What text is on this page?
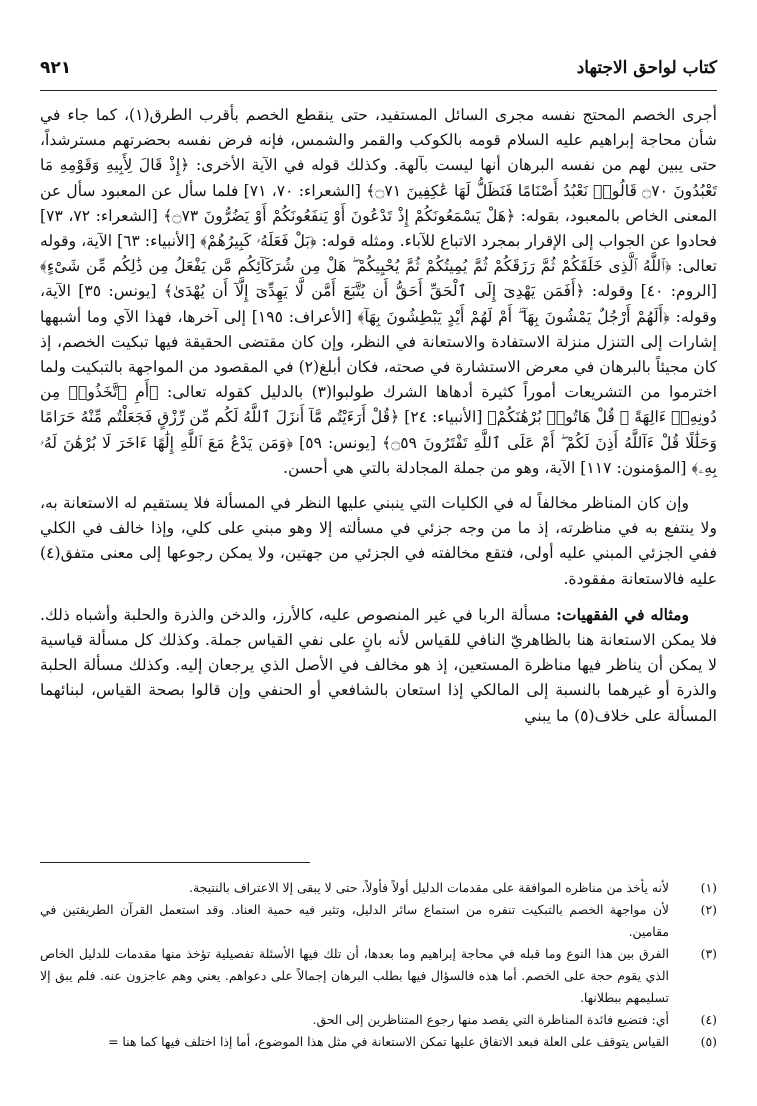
كتاب لواحق الاجتهاد
٩٢١

أجرى الخصم المحتج نفسه مجرى السائل المستفيد، حتى ينقطع الخصم بأقرب الطرق(١)، كما جاء في شأن محاجة إبراهيم عليه السلام قومه بالكوكب والقمر والشمس، فإنه فرض نفسه بحضرتهم مسترشداً، حتى يبين لهم من نفسه البرهان أنها ليست بآلهة. وكذلك قوله في الآية الأخرى: ﴿إِذْ قَالَ لِأَبِيهِ وَقَوْمِهِ مَا تَعْبُدُونَ ۝٧٠ قَالُوا۟ نَعْبُدُ أَصْنَامًا فَنَظَلُّ لَهَا عَٰكِفِينَ ۝٧١﴾ [الشعراء: ٧٠، ٧١] فلما سأل عن المعبود سأل عن المعنى الخاص بالمعبود، بقوله: ﴿هَلْ يَسْمَعُونَكُمْ إِذْ تَدْعُونَ أَوْ يَنفَعُونَكُمْ أَوْ يَضُرُّونَ ۝٧٣﴾ [الشعراء: ٧٢، ٧٣] فحادوا عن الجواب إلى الإقرار بمجرد الاتباع للآباء. ومثله قوله: ﴿بَلْ فَعَلَهُۥ كَبِيرُهُمْ﴾ [الأنبياء: ٦٣] الآية، وقوله تعالى: ﴿ٱللَّهُ ٱلَّذِى خَلَقَكُمْ ثُمَّ رَزَقَكُمْ ثُمَّ يُمِيتُكُمْ ثُمَّ يُحْيِيكُمْ ۖ هَلْ مِن شُرَكَآئِكُم مَّن يَفْعَلُ مِن ذَٰلِكُم مِّن شَىْءٍ﴾ [الروم: ٤٠] وقوله: ﴿أَفَمَن يَهْدِىٓ إِلَى ٱلْحَقِّ أَحَقُّ أَن يُتَّبَعَ أَمَّن لَّا يَهِدِّىٓ إِلَّآ أَن يُهْدَىٰ﴾ [يونس: ٣٥] الآية، وقوله: ﴿أَلَهُمْ أَرْجُلٌ يَمْشُونَ بِهَآ ۖ أَمْ لَهُمْ أَيْدٍ يَبْطِشُونَ بِهَآ﴾ [الأعراف: ١٩٥] إلى آخرها، فهذا الآي وما أشبهها إشارات إلى التنزل منزلة الاستفادة والاستعانة في النظر، وإن كان مقتضى الحقيقة فيها تبكيت الخصم، إذ كان مجيئاً بالبرهان في معرض الاستشارة في صحته، فكان أبلغ(٢) في المقصود من المواجهة بالتبكيت ولما اخترموا من التشريعات أموراً كثيرة أدهاها الشرك طولبوا(٣) بالدليل كقوله تعالى: ﴿أَمِ ٱتَّخَذُوا۟ مِن دُونِهِۦٓ ءَالِهَةً ۖ قُلْ هَاتُوا۟ بُرْهَٰنَكُمْ﴾ [الأنبياء: ٢٤] ﴿قُلْ أَرَءَيْتُم مَّآ أَنزَلَ ٱللَّهُ لَكُم مِّن رِّزْقٍ فَجَعَلْتُم مِّنْهُ حَرَامًا وَحَلَٰلًا قُلْ ءَآللَّهُ أَذِنَ لَكُمْ ۖ أَمْ عَلَى ٱللَّهِ تَفْتَرُونَ ۝٥٩﴾ [يونس: ٥٩] ﴿وَمَن يَدْعُ مَعَ ٱللَّهِ إِلَٰهًا ءَاخَرَ لَا بُرْهَٰنَ لَهُۥ بِهِۦ﴾ [المؤمنون: ١١٧] الآية، وهو من جملة المجادلة بالتي هي أحسن.

وإن كان المناظر مخالفاً له في الكليات التي ينبني عليها النظر في المسألة فلا يستقيم له الاستعانة به، ولا ينتفع به في مناظرته، إذ ما من وجه جزئي في مسألته إلا وهو مبني على كلي، وإذا خالف في الكلي ففي الجزئي المبني عليه أولى، فتقع مخالفته في الجزئي من جهتين، ولا يمكن رجوعها إلى معنى متفق(٤) عليه فالاستعانة مفقودة.

ومثاله في الفقهيات: مسألة الربا في غير المنصوص عليه، كالأرز، والدخن والذرة والحلبة وأشباه ذلك. فلا يمكن الاستعانة هنا بالظاهريّ النافي للقياس لأنه بانٍ على نفي القياس جملة. وكذلك كل مسألة قياسية لا يمكن أن يناظر فيها مناظرة المستعين، إذ هو مخالف في الأصل الذي يرجعان إليه. وكذلك مسألة الحلبة والذرة أو غيرهما بالنسبة إلى المالكي إذا استعان بالشافعي أو الحنفي وإن قالوا بصحة القياس، لبنائهما المسألة على خلاف(٥) ما يبني

(١)
لأنه يأخذ من مناظره الموافقة على مقدمات الدليل أولاً فأولاً، حتى لا يبقى إلا الاعتراف بالنتيجة.
(٢)
لأن مواجهة الخصم بالتبكيت تنفره من استماع سائر الدليل، وتثير فيه حمية العناد. وقد استعمل القرآن الطريقتين في مقامين.
(٣)
الفرق بين هذا النوع وما قبله في محاجة إبراهيم وما بعدها، أن تلك فيها الأسئلة تفصيلية تؤخذ منها مقدمات للدليل الخاص الذي يقوم حجة على الخصم. أما هذه فالسؤال فيها بطلب البرهان إجمالاً على دعواهم. يعني وهم عاجزون عنه. فلم يبق إلا تسليمهم ببطلانها.
(٤)
أي: فتضيع فائدة المناظرة التي يقصد منها رجوع المتناظرين إلى الحق.
(٥)
القياس يتوقف على العلة فبعد الاتفاق عليها تمكن الاستعانة في مثل هذا الموضوع، أما إذا اختلف فيها كما هنا =
